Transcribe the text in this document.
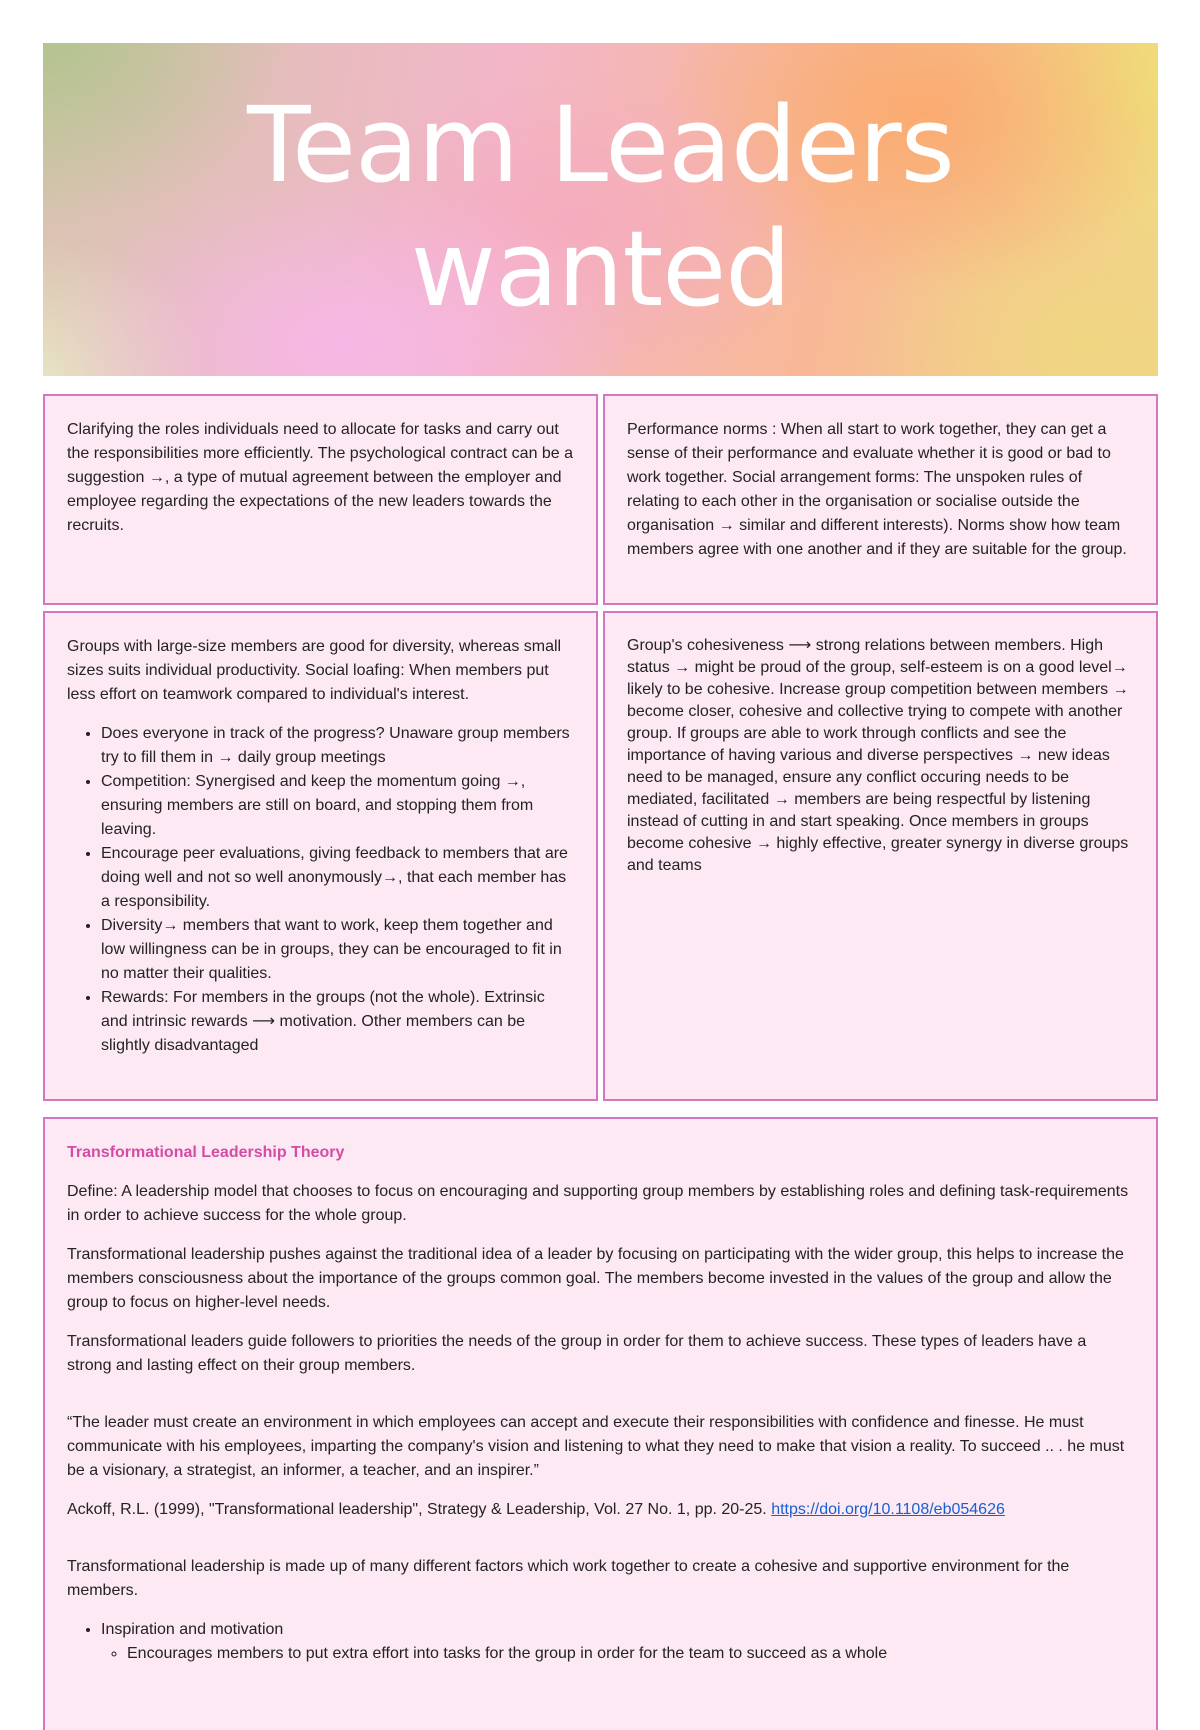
Team Leaders
wanted

Clarifying the roles individuals need to allocate for tasks and carry out the responsibilities more efficiently. The psychological contract can be a suggestion →, a type of mutual agreement between the employer and employee regarding the expectations of the new leaders towards the recruits.

Performance norms : When all start to work together, they can get a sense of their performance and evaluate whether it is good or bad to work together. Social arrangement forms: The unspoken rules of relating to each other in the organisation or socialise outside the organisation → similar and different interests). Norms show how team members agree with one another and if they are suitable for the group.

Groups with large-size members are good for diversity, whereas small sizes suits individual productivity. Social loafing: When members put less effort on teamwork compared to individual's interest.

• Does everyone in track of the progress? Unaware group members try to fill them in → daily group meetings
• Competition: Synergised and keep the momentum going →, ensuring members are still on board, and stopping them from leaving.
• Encourage peer evaluations, giving feedback to members that are doing well and not so well anonymously→, that each member has a responsibility.
• Diversity→ members that want to work, keep them together and low willingness can be in groups, they can be encouraged to fit in no matter their qualities.
• Rewards: For members in the groups (not the whole). Extrinsic and intrinsic rewards ⟶ motivation. Other members can be slightly disadvantaged

Group's cohesiveness ⟶ strong relations between members. High status → might be proud of the group, self-esteem is on a good level→ likely to be cohesive. Increase group competition between members → become closer, cohesive and collective trying to compete with another group. If groups are able to work through conflicts and see the importance of having various and diverse perspectives → new ideas need to be managed, ensure any conflict occuring needs to be mediated, facilitated → members are being respectful by listening instead of cutting in and start speaking. Once members in groups become cohesive → highly effective, greater synergy in diverse groups and teams

Transformational Leadership Theory

Define: A leadership model that chooses to focus on encouraging and supporting group members by establishing roles and defining task-requirements in order to achieve success for the whole group.

Transformational leadership pushes against the traditional idea of a leader by focusing on participating with the wider group, this helps to increase the members consciousness about the importance of the groups common goal. The members become invested in the values of the group and allow the group to focus on higher-level needs.

Transformational leaders guide followers to priorities the needs of the group in order for them to achieve success. These types of leaders have a strong and lasting effect on their group members.

“The leader must create an environment in which employees can accept and execute their responsibilities with confidence and finesse. He must communicate with his employees, imparting the company's vision and listening to what they need to make that vision a reality. To succeed .. . he must be a visionary, a strategist, an informer, a teacher, and an inspirer.”

Ackoff, R.L. (1999), "Transformational leadership", Strategy & Leadership, Vol. 27 No. 1, pp. 20-25. https://doi.org/10.1108/eb054626

Transformational leadership is made up of many different factors which work together to create a cohesive and supportive environment for the members.

• Inspiration and motivation
◦ Encourages members to put extra effort into tasks for the group in order for the team to succeed as a whole
